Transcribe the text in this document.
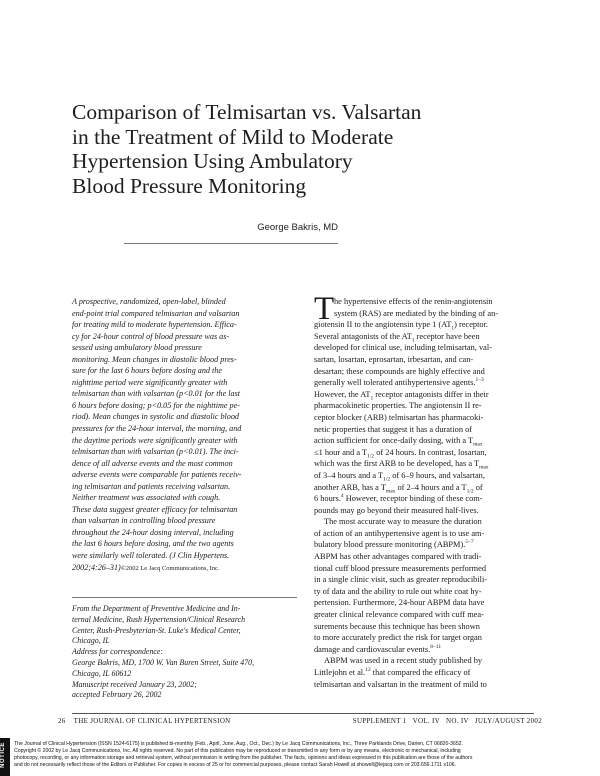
Comparison of Telmisartan vs. Valsartan
in the Treatment of Mild to Moderate
Hypertension Using Ambulatory
Blood Pressure Monitoring
George Bakris, MD
A prospective, randomized, open-label, blinded
end-point trial compared telmisartan and valsartan
for treating mild to moderate hypertension. Effica-
cy for 24-hour control of blood pressure was as-
sessed using ambulatory blood pressure
monitoring. Mean changes in diastolic blood pres-
sure for the last 6 hours before dosing and the
nighttime period were significantly greater with
telmisartan than with valsartan (p<0.01 for the last
6 hours before dosing; p<0.05 for the nighttime pe-
riod). Mean changes in systolic and diastolic blood
pressures for the 24-hour interval, the morning, and
the daytime periods were significantly greater with
telmisartan than with valsartan (p<0.01). The inci-
dence of all adverse events and the most common
adverse events were comparable for patients receiv-
ing telmisartan and patients receiving valsartan.
Neither treatment was associated with cough.
These data suggest greater efficacy for telmisartan
than valsartan in controlling blood pressure
throughout the 24-hour dosing interval, including
the last 6 hours before dosing, and the two agents
were similarly well tolerated. (J Clin Hypertens.
2002;4:26–31)©2002 Le Jacq Communications, Inc.
From the Department of Preventive Medicine and In-
ternal Medicine, Rush Hypertension/Clinical Research
Center, Rush-Presbyterian-St. Luke's Medical Center,
Chicago, IL
Address for correspondence:
George Bakris, MD, 1700 W. Van Buren Street, Suite 470,
Chicago, IL 60612
Manuscript received January 23, 2002;
accepted February 26, 2002
T he hypertensive effects of the renin-angiotensin
system (RAS) are mediated by the binding of an-
giotensin II to the angiotensin type 1 $(AT_1)$ receptor.
Several antagonists of the $AT_1$ receptor have been
developed for clinical use, including telmisartan, val-
sartan, losartan, eprosartan, irbesartan, and can-
desartan; these compounds are highly effective and
generally well tolerated antihypertensive agents.$^{1-3}$
However, the $AT_1$ receptor antagonists differ in their
pharmacokinetic properties. The angiotensin II re-
ceptor blocker (ARB) telmisartan has pharmacoki-
netic properties that suggest it has a duration of
action sufficient for once-daily dosing, with a $T_{max}$
≤1 hour and a $T_{1/2}$ of 24 hours. In contrast, losartan,
which was the first ARB to be developed, has a $T_{max}$
of 3–4 hours and a $T_{1/2}$ of 6–9 hours, and valsartan,
another ARB, has a $T_{max}$ of 2–4 hours and a $T_{1/2}$ of
6 hours.$^4$ However, receptor binding of these com-
pounds may go beyond their measured half-lives.
The most accurate way to measure the duration
of action of an antihypertensive agent is to use am-
bulatory blood pressure monitoring (ABPM).$^{5-7}$
ABPM has other advantages compared with tradi-
tional cuff blood pressure measurements performed
in a single clinic visit, such as greater reproducibili-
ty of data and the ability to rule out white coat hy-
pertension. Furthermore, 24-hour ABPM data have
greater clinical relevance compared with cuff mea-
surements because this technique has been shown
to more accurately predict the risk for target organ
damage and cardiovascular events.$^{8-11}$
ABPM was used in a recent study published by
Littlejohn et al.$^{12}$ that compared the efficacy of
telmisartan and valsartan in the treatment of mild to
26    THE JOURNAL OF CLINICAL HYPERTENSION	SUPPLEMENT 1   VOL. IV   NO. IV   JULY/AUGUST 2002
NOTICE The Journal of Clinical Hypertension (ISSN 1524-6175) is published bi-monthly (Feb., April, June, Aug., Oct., Dec.) by Le Jacq Communications, Inc., Three Parklands Drive, Darien, CT 06820-3652.
Copyright © 2002 by Le Jacq Communications, Inc. All rights reserved. No part of this publication may be reproduced or transmitted in any form or by any means, electronic or mechanical, including
photocopy, recording, or any information storage and retrieval system, without permission in writing from the publisher. The facts, opinions and ideas expressed in this publication are those of the authors
and do not necessarily reflect those of the Editors or Publisher. For copies in excess of 25 or for commercial purposes, please contact Sarah Howell at showell@lejacq.com or 203.656.1711 x106.
